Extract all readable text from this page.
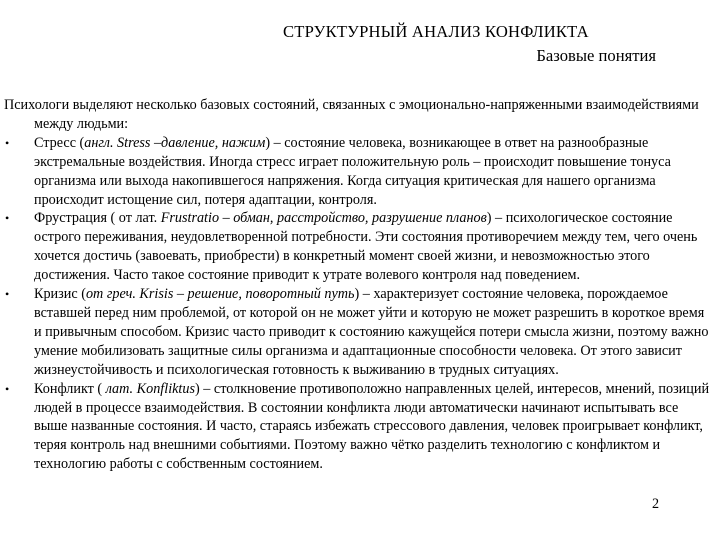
СТРУКТУРНЫЙ АНАЛИЗ КОНФЛИКТА
Базовые понятия

Психологи выделяют несколько базовых состояний, связанных с эмоционально-напряженными взаимодействиями между людьми:

• Стресс (англ. Stress –давление, нажим) – состояние человека, возникающее в ответ на разнообразные экстремальные воздействия. Иногда стресс играет положительную роль – происходит повышение тонуса организма или выхода накопившегося напряжения. Когда ситуация критическая для нашего организма происходит истощение сил, потеря адаптации, контроля.

• Фрустрация ( от лат. Frustratio – обман, расстройство, разрушение планов) – психологическое состояние острого переживания, неудовлетворенной потребности. Эти состояния противоречием между тем, чего очень хочется достичь (завоевать, приобрести) в конкретный момент своей жизни, и невозможностью этого достижения. Часто такое состояние приводит к утрате волевого контроля над поведением.

• Кризис (от греч. Krisis – решение, поворотный путь) – характеризует состояние человека, порождаемое вставшей перед ним проблемой, от которой он не может уйти и которую не может разрешить в короткое время и привычным способом. Кризис часто приводит к состоянию кажущейся потери смысла жизни, поэтому важно умение мобилизовать защитные силы организма и адаптационные способности человека. От этого зависит жизнеустойчивость и психологическая готовность к выживанию в трудных ситуациях.

• Конфликт ( лат. Konfliktus) – столкновение противоположно направленных целей, интересов, мнений, позиций людей в процессе взаимодействия. В состоянии конфликта люди автоматически начинают испытывать все выше названные состояния. И часто, стараясь избежать стрессового давления, человек проигрывает конфликт, теряя контроль над внешними событиями. Поэтому важно чётко разделить технологию с конфликтом и технологию работы с собственным состоянием.

2
